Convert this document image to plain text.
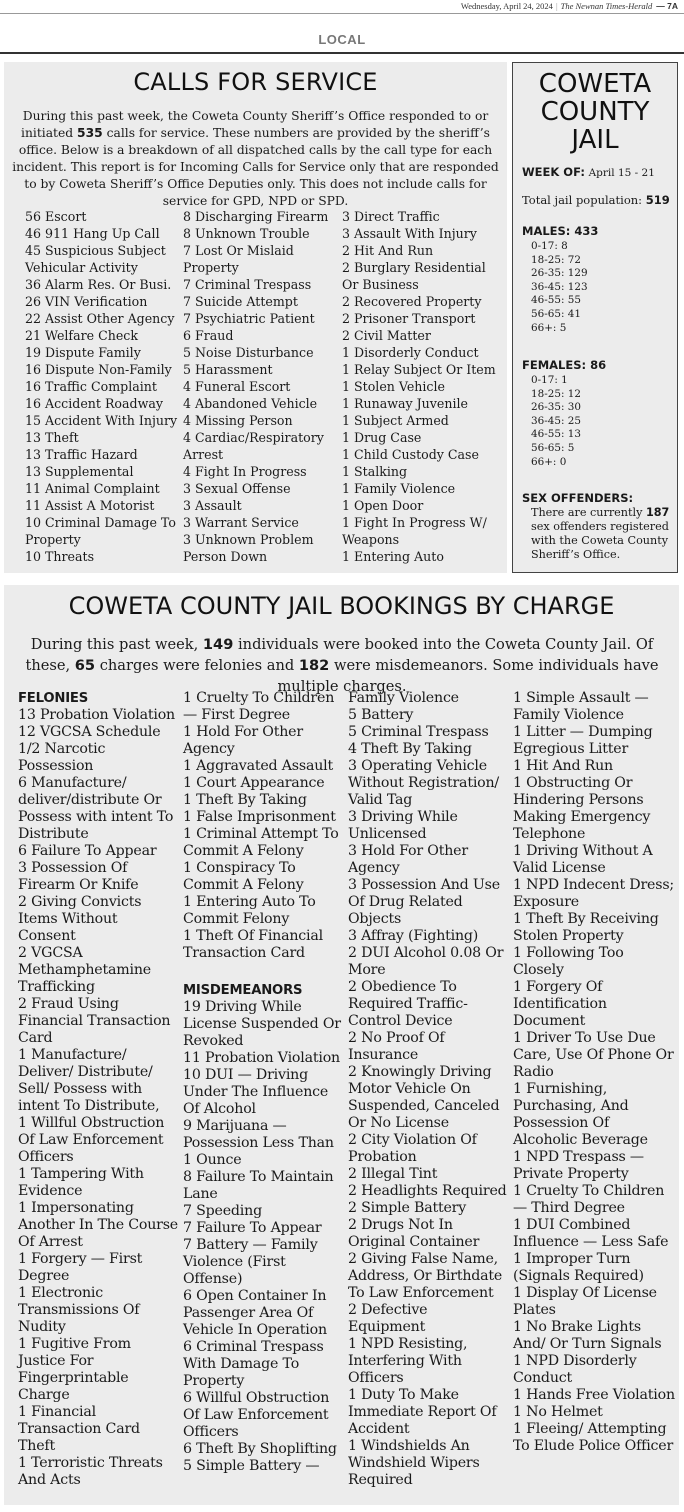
Wednesday, April 24, 2024 | The Newnan Times-Herald — 7A
LOCAL
CALLS FOR SERVICE
During this past week, the Coweta County Sheriff’s Office responded to or initiated 535 calls for service. These numbers are provided by the sheriff’s office. Below is a breakdown of all dispatched calls by the call type for each incident. This report is for Incoming Calls for Service only that are responded to by Coweta Sheriff’s Office Deputies only. This does not include calls for service for GPD, NPD or SPD.
56 Escort
46 911 Hang Up Call
45 Suspicious Subject Vehicular Activity
36 Alarm Res. Or Busi.
26 VIN Verification
22 Assist Other Agency
21 Welfare Check
19 Dispute Family
16 Dispute Non-Family
16 Traffic Complaint
16 Accident Roadway
15 Accident With Injury
13 Theft
13 Traffic Hazard
13 Supplemental
11 Animal Complaint
11 Assist A Motorist
10 Criminal Damage To Property
10 Threats
8 Discharging Firearm
8 Unknown Trouble
7 Lost Or Mislaid Property
7 Criminal Trespass
7 Suicide Attempt
7 Psychiatric Patient
6 Fraud
5 Noise Disturbance
5 Harassment
4 Funeral Escort
4 Abandoned Vehicle
4 Missing Person
4 Cardiac/Respiratory Arrest
4 Fight In Progress
3 Sexual Offense
3 Assault
3 Warrant Service
3 Unknown Problem Person Down
3 Direct Traffic
3 Assault With Injury
2 Hit And Run
2 Burglary Residential Or Business
2 Recovered Property
2 Prisoner Transport
2 Civil Matter
1 Disorderly Conduct
1 Relay Subject Or Item
1 Stolen Vehicle
1 Runaway Juvenile
1 Subject Armed
1 Drug Case
1 Child Custody Case
1 Stalking
1 Family Violence
1 Open Door
1 Fight In Progress W/ Weapons
1 Entering Auto
COWETA
COUNTY
JAIL
WEEK OF: April 15 - 21
Total jail population: 519
MALES: 433
0-17: 8
18-25: 72
26-35: 129
36-45: 123
46-55: 55
56-65: 41
66+: 5
FEMALES: 86
0-17: 1
18-25: 12
26-35: 30
36-45: 25
46-55: 13
56-65: 5
66+: 0
SEX OFFENDERS:
There are currently 187 sex offenders registered with the Coweta County Sheriff’s Office.
COWETA COUNTY JAIL BOOKINGS BY CHARGE
During this past week, 149 individuals were booked into the Coweta County Jail. Of these, 65 charges were felonies and 182 were misdemeanors. Some individuals have multiple charges.
FELONIES
13 Probation Violation
12 VGCSA Schedule 1/2 Narcotic Possession
6 Manufacture/ deliver/distribute Or Possess with intent To Distribute
6 Failure To Appear
3 Possession Of Firearm Or Knife
2 Giving Convicts Items Without Consent
2 VGCSA Methamphetamine Trafficking
2 Fraud Using Financial Transaction Card
1 Manufacture/ Deliver/ Distribute/ Sell/ Possess with intent To Distribute,
1 Willful Obstruction Of Law Enforcement Officers
1 Tampering With Evidence
1 Impersonating Another In The Course Of Arrest
1 Forgery — First Degree
1 Electronic Transmissions Of Nudity
1 Fugitive From Justice For Fingerprintable Charge
1 Financial Transaction Card Theft
1 Terroristic Threats And Acts
1 Cruelty To Children — First Degree
1 Hold For Other Agency
1 Aggravated Assault
1 Court Appearance
1 Theft By Taking
1 False Imprisonment
1 Criminal Attempt To Commit A Felony
1 Conspiracy To Commit A Felony
1 Entering Auto To Commit Felony
1 Theft Of Financial Transaction Card
MISDEMEANORS
19 Driving While License Suspended Or Revoked
11 Probation Violation
10 DUI — Driving Under The Influence Of Alcohol
9 Marijuana — Possession Less Than 1 Ounce
8 Failure To Maintain Lane
7 Speeding
7 Failure To Appear
7 Battery — Family Violence (First Offense)
6 Open Container In Passenger Area Of Vehicle In Operation
6 Criminal Trespass With Damage To Property
6 Willful Obstruction Of Law Enforcement Officers
6 Theft By Shoplifting
5 Simple Battery —
Family Violence
5 Battery
5 Criminal Trespass
4 Theft By Taking
3 Operating Vehicle Without Registration/ Valid Tag
3 Driving While Unlicensed
3 Hold For Other Agency
3 Possession And Use Of Drug Related Objects
3 Affray (Fighting)
2 DUI Alcohol 0.08 Or More
2 Obedience To Required Traffic-Control Device
2 No Proof Of Insurance
2 Knowingly Driving Motor Vehicle On Suspended, Canceled Or No License
2 City Violation Of Probation
2 Illegal Tint
2 Headlights Required
2 Simple Battery
2 Drugs Not In Original Container
2 Giving False Name, Address, Or Birthdate To Law Enforcement
2 Defective Equipment
1 NPD Resisting, Interfering With Officers
1 Duty To Make Immediate Report Of Accident
1 Windshields An Windshield Wipers Required
1 Simple Assault — Family Violence
1 Litter — Dumping Egregious Litter
1 Hit And Run
1 Obstructing Or Hindering Persons Making Emergency Telephone
1 Driving Without A Valid License
1 NPD Indecent Dress; Exposure
1 Theft By Receiving Stolen Property
1 Following Too Closely
1 Forgery Of Identification Document
1 Driver To Use Due Care, Use Of Phone Or Radio
1 Furnishing, Purchasing, And Possession Of Alcoholic Beverage
1 NPD Trespass — Private Property
1 Cruelty To Children — Third Degree
1 DUI Combined Influence — Less Safe
1 Improper Turn (Signals Required)
1 Display Of License Plates
1 No Brake Lights And/ Or Turn Signals
1 NPD Disorderly Conduct
1 Hands Free Violation
1 No Helmet
1 Fleeing/ Attempting To Elude Police Officer
